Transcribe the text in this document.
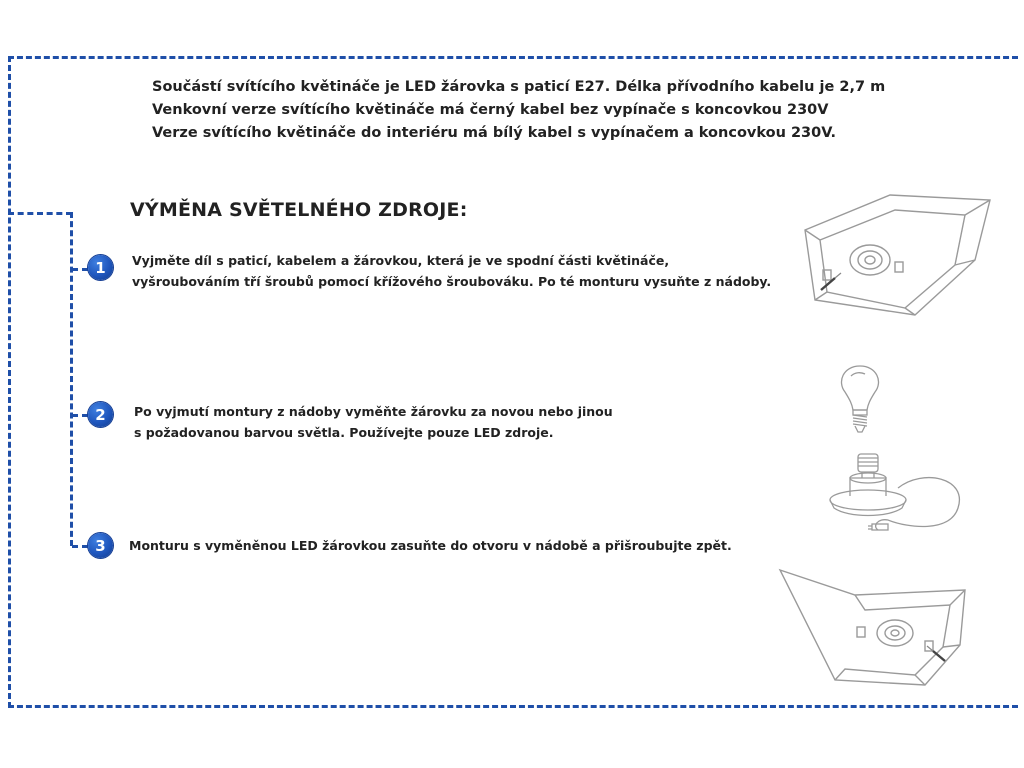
Součástí svítícího květináče je LED žárovka s paticí E27. Délka přívodního kabelu je 2,7 m
Venkovní verze svítícího květináče má černý kabel bez vypínače s koncovkou 230V
Verze svítícího květináče do interiéru má bílý kabel s vypínačem a koncovkou 230V.
VÝMĚNA SVĚTELNÉHO ZDROJE:
1	Vyjměte díl s paticí, kabelem a žárovkou, která je ve spodní části květináče,
vyšroubováním tří šroubů pomocí křížového šroubováku. Po té monturu vysuňte z nádoby.
2	Po vyjmutí montury z nádoby vyměňte žárovku za novou nebo jinou
s požadovanou barvou světla. Používejte pouze LED zdroje.
3	Monturu s vyměněnou LED žárovkou zasuňte do otvoru v nádobě a přišroubujte zpět.
